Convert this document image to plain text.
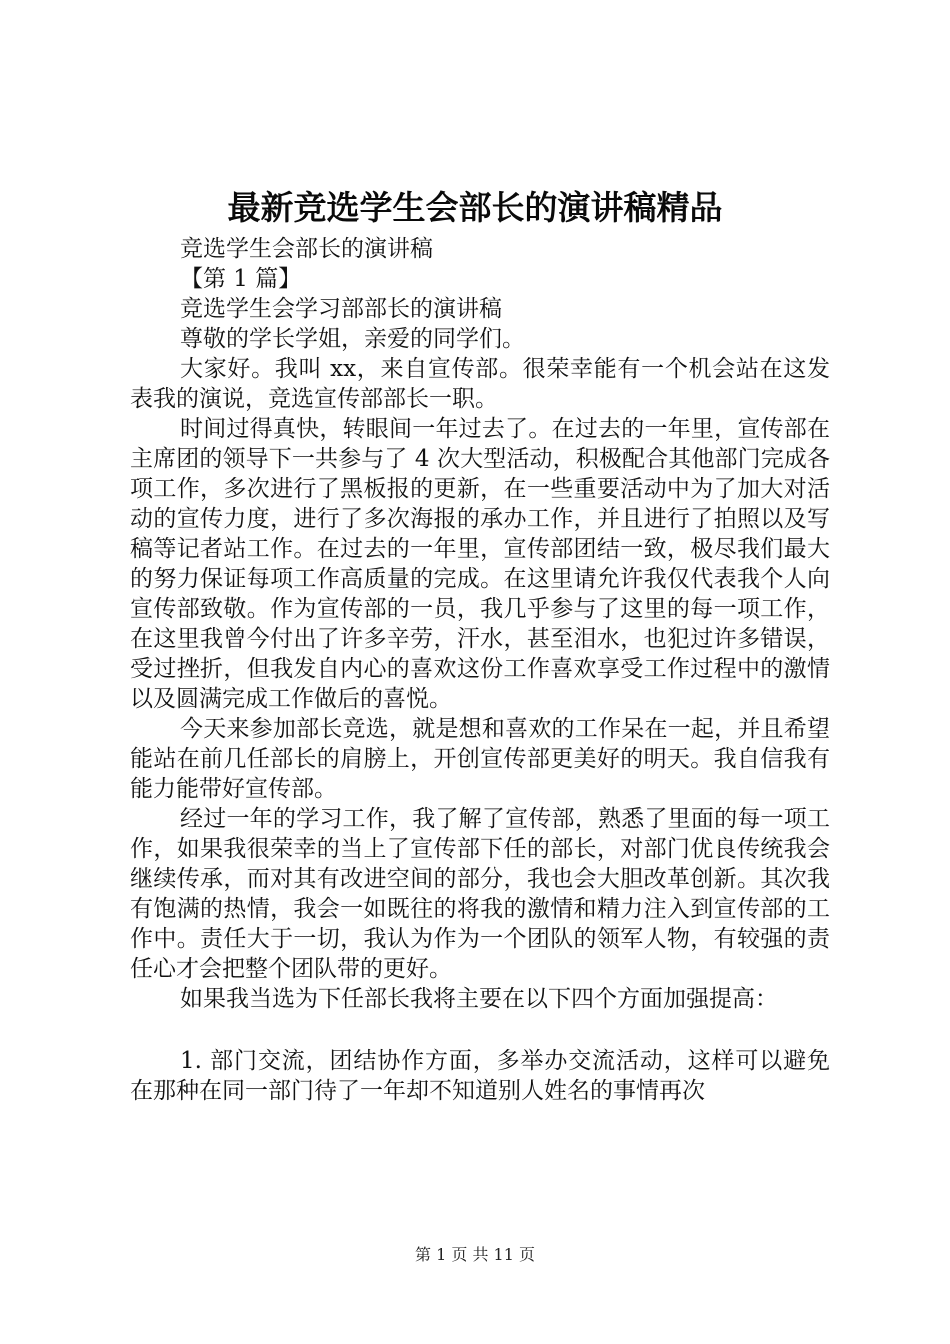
最新竞选学生会部长的演讲稿精品

竞选学生会部长的演讲稿

【第 1 篇】

竞选学生会学习部部长的演讲稿

尊敬的学长学姐，亲爱的同学们。

大家好。我叫 xx，来自宣传部。很荣幸能有一个机会站在这发表我的演说，竞选宣传部部长一职。

时间过得真快，转眼间一年过去了。在过去的一年里，宣传部在主席团的领导下一共参与了 4 次大型活动，积极配合其他部门完成各项工作，多次进行了黑板报的更新，在一些重要活动中为了加大对活动的宣传力度，进行了多次海报的承办工作，并且进行了拍照以及写稿等记者站工作。在过去的一年里，宣传部团结一致，极尽我们最大的努力保证每项工作高质量的完成。在这里请允许我仅代表我个人向宣传部致敬。作为宣传部的一员，我几乎参与了这里的每一项工作，在这里我曾今付出了许多辛劳，汗水，甚至泪水，也犯过许多错误，受过挫折，但我发自内心的喜欢这份工作喜欢享受工作过程中的激情以及圆满完成工作做后的喜悦。

今天来参加部长竞选，就是想和喜欢的工作呆在一起，并且希望能站在前几任部长的肩膀上，开创宣传部更美好的明天。我自信我有能力能带好宣传部。

经过一年的学习工作，我了解了宣传部，熟悉了里面的每一项工作，如果我很荣幸的当上了宣传部下任的部长，对部门优良传统我会继续传承，而对其有改进空间的部分，我也会大胆改革创新。其次我有饱满的热情，我会一如既往的将我的激情和精力注入到宣传部的工作中。责任大于一切，我认为作为一个团队的领军人物，有较强的责任心才会把整个团队带的更好。

如果我当选为下任部长我将主要在以下四个方面加强提高：

1. 部门交流，团结协作方面，多举办交流活动，这样可以避免在那种在同一部门待了一年却不知道别人姓名的事情再次

第 1 页 共 11 页
